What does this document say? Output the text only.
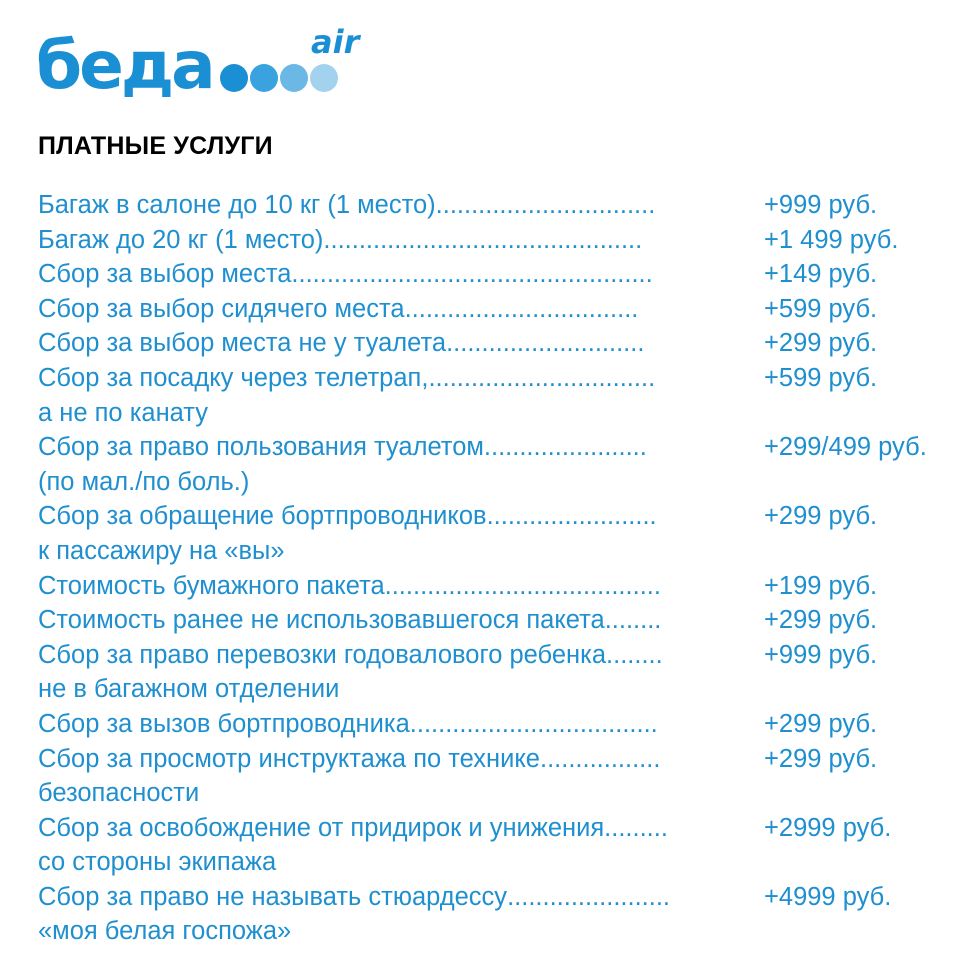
беда	air
ПЛАТНЫЕ УСЛУГИ
Багаж в салоне до 10 кг (1 место) ...............................	+999 руб.
Багаж до 20 кг (1 место) .............................................	+1 499 руб.
Сбор за выбор места ...................................................	+149 руб.
Сбор за выбор сидячего места .................................	+599 руб.
Сбор за выбор места не у туалета ............................	+299 руб.
Сбор за посадку через телетрап, ................................	+599 руб.
а не по канату
Сбор за право пользования туалетом .......................	+299/499 руб.
(по мал./по боль.)
Сбор за обращение бортпроводников ........................	+299 руб.
к пассажиру на «вы»
Стоимость бумажного пакета .......................................	+199 руб.
Стоимость ранее не использовавшегося пакета ........	+299 руб.
Сбор за право перевозки годовалового ребенка ........	+999 руб.
не в багажном отделении
Сбор за вызов бортпроводника ...................................	+299 руб.
Сбор за просмотр инструктажа по технике .................	+299 руб.
безопасности
Сбор за освобождение от придирок и унижения .........	+2999 руб.
со стороны экипажа
Сбор за право не называть стюардессу .......................	+4999 руб.
«моя белая госпожа»
